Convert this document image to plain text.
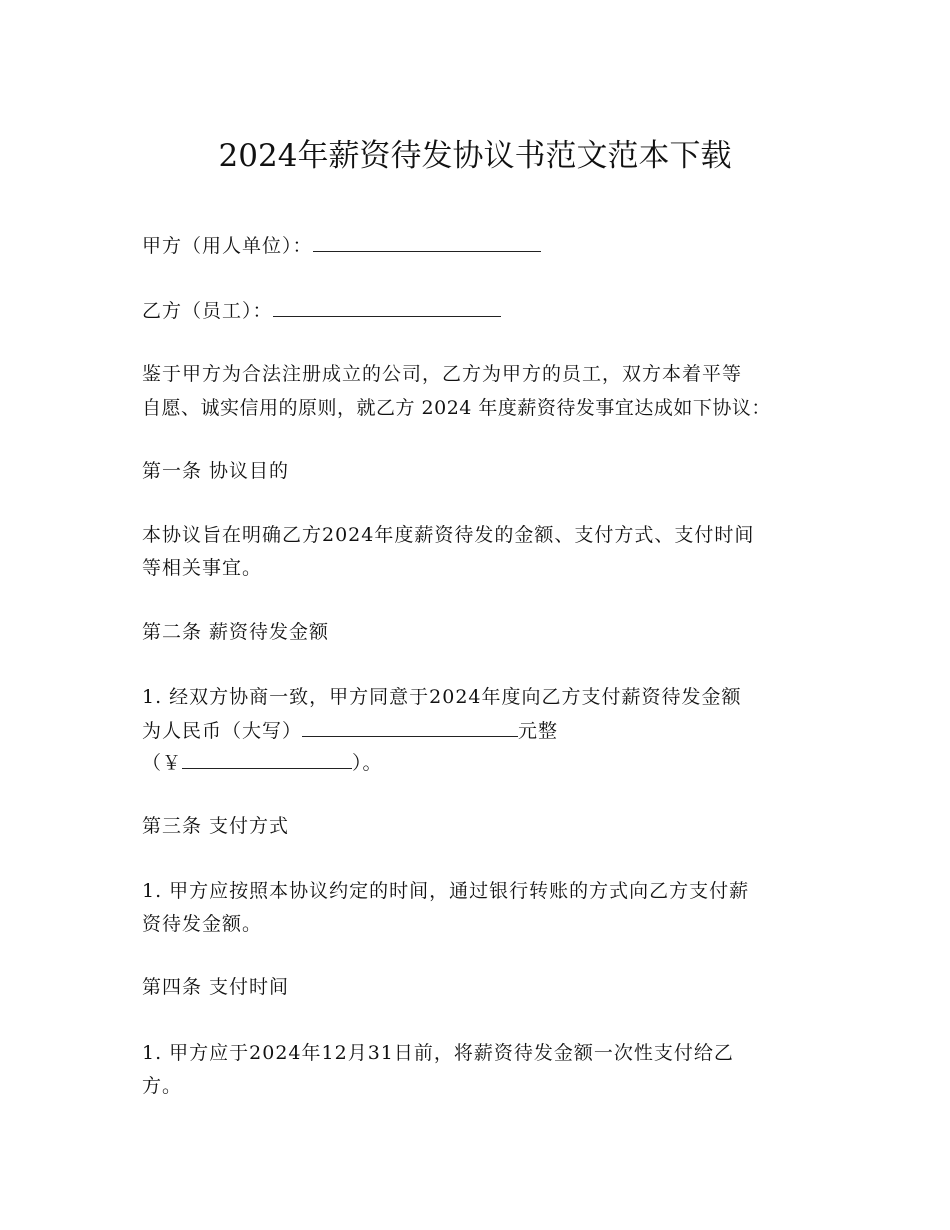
2024年薪资待发协议书范文范本下载
甲方（用人单位）：
乙方（员工）：
鉴于甲方为合法注册成立的公司，乙方为甲方的员工，双方本着平等
自愿、诚实信用的原则，就乙方 2024 年度薪资待发事宜达成如下协议：
第一条 协议目的
本协议旨在明确乙方2024年度薪资待发的金额、支付方式、支付时间
等相关事宜。
第二条 薪资待发金额
1. 经双方协商一致，甲方同意于2024年度向乙方支付薪资待发金额
为人民币（大写）	元整
（￥	）。
第三条 支付方式
1. 甲方应按照本协议约定的时间，通过银行转账的方式向乙方支付薪
资待发金额。
第四条 支付时间
1. 甲方应于2024年12月31日前，将薪资待发金额一次性支付给乙
方。
